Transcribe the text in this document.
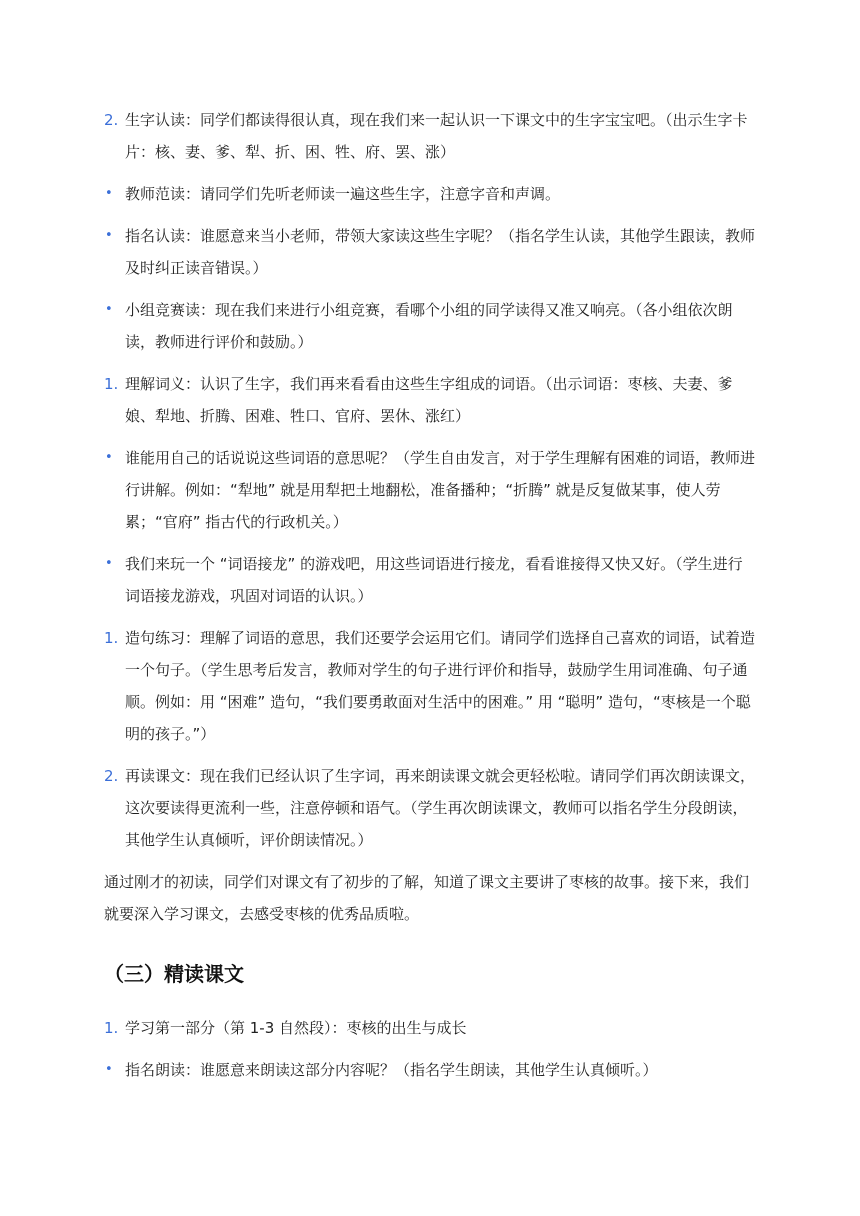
2. 生字认读：同学们都读得很认真，现在我们来一起认识一下课文中的生字宝宝吧。（出示生字卡片：核、妻、爹、犁、折、困、牲、府、罢、涨）
• 教师范读：请同学们先听老师读一遍这些生字，注意字音和声调。
• 指名认读：谁愿意来当小老师，带领大家读这些生字呢？（指名学生认读，其他学生跟读，教师及时纠正读音错误。）
• 小组竞赛读：现在我们来进行小组竞赛，看哪个小组的同学读得又准又响亮。（各小组依次朗读，教师进行评价和鼓励。）
1. 理解词义：认识了生字，我们再来看看由这些生字组成的词语。（出示词语：枣核、夫妻、爹娘、犁地、折腾、困难、牲口、官府、罢休、涨红）
• 谁能用自己的话说说这些词语的意思呢？（学生自由发言，对于学生理解有困难的词语，教师进行讲解。例如：“犁地” 就是用犁把土地翻松，准备播种；“折腾” 就是反复做某事，使人劳累；“官府” 指古代的行政机关。）
• 我们来玩一个 “词语接龙” 的游戏吧，用这些词语进行接龙，看看谁接得又快又好。（学生进行词语接龙游戏，巩固对词语的认识。）
1. 造句练习：理解了词语的意思，我们还要学会运用它们。请同学们选择自己喜欢的词语，试着造一个句子。（学生思考后发言，教师对学生的句子进行评价和指导，鼓励学生用词准确、句子通顺。例如：用 “困难” 造句，“我们要勇敢面对生活中的困难。” 用 “聪明” 造句，“枣核是一个聪明的孩子。”）
2. 再读课文：现在我们已经认识了生字词，再来朗读课文就会更轻松啦。请同学们再次朗读课文，这次要读得更流利一些，注意停顿和语气。（学生再次朗读课文，教师可以指名学生分段朗读，其他学生认真倾听，评价朗读情况。）
通过刚才的初读，同学们对课文有了初步的了解，知道了课文主要讲了枣核的故事。接下来，我们就要深入学习课文，去感受枣核的优秀品质啦。
（三）精读课文
1. 学习第一部分（第 1-3 自然段）：枣核的出生与成长
• 指名朗读：谁愿意来朗读这部分内容呢？（指名学生朗读，其他学生认真倾听。）
